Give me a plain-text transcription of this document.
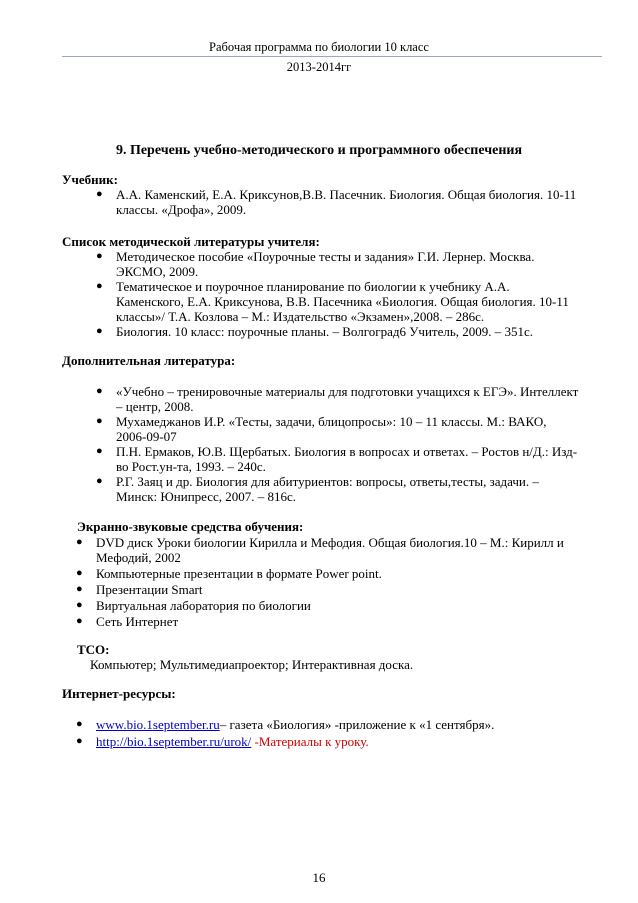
Рабочая программа по биологии 10 класс
2013-2014гг
9. Перечень учебно-методического и программного обеспечения
Учебник:
● А.А. Каменский, Е.А. Криксунов,В.В. Пасечник. Биология. Общая биология. 10-11
классы. «Дрофа», 2009.
Список методической литературы учителя:
● Методическое пособие «Поурочные тесты и задания» Г.И. Лернер. Москва.
ЭКСМО, 2009.
● Тематическое и поурочное планирование по биологии к учебнику А.А.
Каменского, Е.А. Криксунова, В.В. Пасечника «Биология. Общая биология. 10-11
классы»/ Т.А. Козлова – М.: Издательство «Экзамен»,2008. – 286с.
● Биология. 10 класс: поурочные планы. – Волгоград6 Учитель, 2009. – 351с.
Дополнительная литература:
● «Учебно – тренировочные материалы для подготовки учащихся к ЕГЭ». Интеллект
– центр, 2008.
● Мухамеджанов И.Р. «Тесты, задачи, блицопросы»: 10 – 11 классы. М.: ВАКО,
2006-09-07
● П.Н. Ермаков, Ю.В. Щербатых. Биология в вопросах и ответах. – Ростов н/Д.: Изд-
во Рост.ун-та, 1993. – 240с.
● Р.Г. Заяц и др. Биология для абитуриентов: вопросы, ответы,тесты, задачи. –
Минск: Юнипресс, 2007. – 816с.
Экранно-звуковые средства обучения:
● DVD диск Уроки биологии Кирилла и Мефодия. Общая биология.10 – М.: Кирилл и
Мефодий, 2002
● Компьютерные презентации в формате Power point.
● Презентации Smart
● Виртуальная лаборатория по биологии
● Сеть Интернет
ТСО:
Компьютер; Мультимедиапроектор; Интерактивная доска.
Интернет-ресурсы:
● www.bio.1september.ru– газета «Биология» -приложение к «1 сентября».
● http://bio.1september.ru/urok/ -Материалы к уроку.
16
